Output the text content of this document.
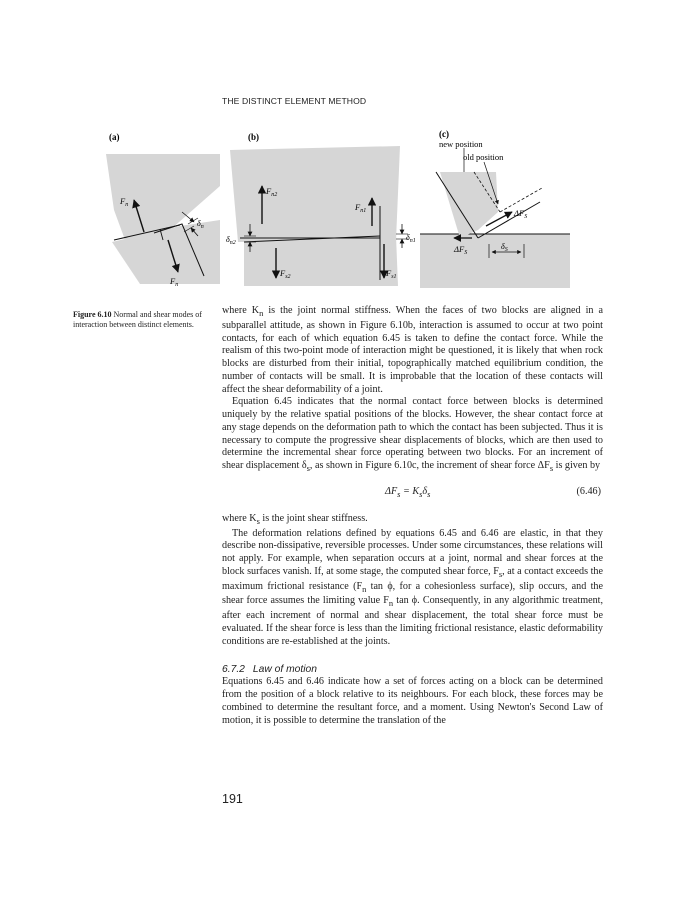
THE DISTINCT ELEMENT METHOD
(a)	(b)	(c)
$F_n$
$F_n$
$\delta_n$
$F_{n2}$
$F_{n1}$
$F_{s2}$	$F_{s1}$
$\delta_{n2}$
$\delta_{n1}$
new position
old position
$\Delta F_S$
$\Delta F_S$
$\delta_S$
Figure 6.10 Normal and shear modes of interaction between distinct elements.

where $K_n$ is the joint normal stiffness. When the faces of two blocks are aligned in a subparallel attitude, as shown in Figure 6.10b, interaction is assumed to occur at two point contacts, for each of which equation 6.45 is taken to define the contact force. While the realism of this two-point mode of interaction might be questioned, it is likely that when rock blocks are disturbed from their initial, topographically matched equilibrium condition, the number of contacts will be small. It is improbable that the location of these contacts will affect the shear deformability of a joint.

Equation 6.45 indicates that the normal contact force between blocks is determined uniquely by the relative spatial positions of the blocks. However, the shear contact force at any stage depends on the deformation path to which the contact has been subjected. Thus it is necessary to compute the progressive shear displacements of blocks, which are then used to determine the incremental shear force operating between two blocks. For an increment of shear displacement $\delta_s$, as shown in Figure 6.10c, the increment of shear force $\Delta F_s$ is given by

$\Delta F_s = K_s\delta_s$	(6.46)

where $K_s$ is the joint shear stiffness.

The deformation relations defined by equations 6.45 and 6.46 are elastic, in that they describe non-dissipative, reversible processes. Under some circumstances, these relations will not apply. For example, when separation occurs at a joint, normal and shear forces at the block surfaces vanish. If, at some stage, the computed shear force, $F_s$, at a contact exceeds the maximum frictional resistance ($F_n$ tan ϕ, for a cohesionless surface), slip occurs, and the shear force assumes the limiting value $F_n$ tan ϕ. Consequently, in any algorithmic treatment, after each increment of normal and shear displacement, the total shear force must be evaluated. If the shear force is less than the limiting frictional resistance, elastic deformability conditions are re-established at the joints.

6.7.2 Law of motion

Equations 6.45 and 6.46 indicate how a set of forces acting on a block can be determined from the position of a block relative to its neighbours. For each block, these forces may be combined to determine the resultant force, and a moment. Using Newton's Second Law of motion, it is possible to determine the translation of the

191
